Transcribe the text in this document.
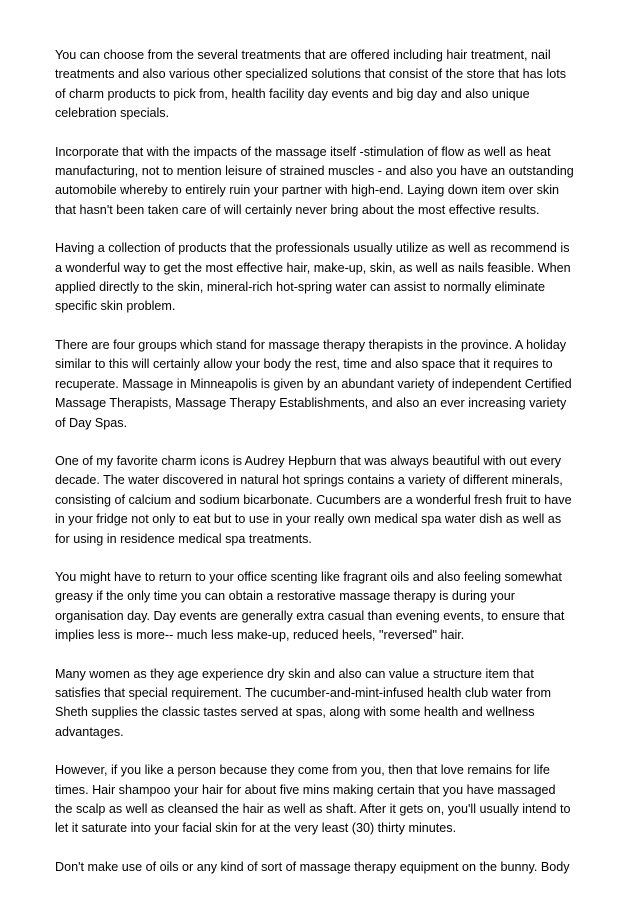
You can choose from the several treatments that are offered including hair treatment, nail
treatments and also various other specialized solutions that consist of the store that has lots
of charm products to pick from, health facility day events and big day and also unique
celebration specials.

Incorporate that with the impacts of the massage itself -stimulation of flow as well as heat
manufacturing, not to mention leisure of strained muscles - and also you have an outstanding
automobile whereby to entirely ruin your partner with high-end. Laying down item over skin
that hasn't been taken care of will certainly never bring about the most effective results.

Having a collection of products that the professionals usually utilize as well as recommend is
a wonderful way to get the most effective hair, make-up, skin, as well as nails feasible. When
applied directly to the skin, mineral-rich hot-spring water can assist to normally eliminate
specific skin problem.

There are four groups which stand for massage therapy therapists in the province. A holiday
similar to this will certainly allow your body the rest, time and also space that it requires to
recuperate. Massage in Minneapolis is given by an abundant variety of independent Certified
Massage Therapists, Massage Therapy Establishments, and also an ever increasing variety
of Day Spas.

One of my favorite charm icons is Audrey Hepburn that was always beautiful with out every
decade. The water discovered in natural hot springs contains a variety of different minerals,
consisting of calcium and sodium bicarbonate. Cucumbers are a wonderful fresh fruit to have
in your fridge not only to eat but to use in your really own medical spa water dish as well as
for using in residence medical spa treatments.

You might have to return to your office scenting like fragrant oils and also feeling somewhat
greasy if the only time you can obtain a restorative massage therapy is during your
organisation day. Day events are generally extra casual than evening events, to ensure that
implies less is more-- much less make-up, reduced heels, "reversed" hair.

Many women as they age experience dry skin and also can value a structure item that
satisfies that special requirement. The cucumber-and-mint-infused health club water from
Sheth supplies the classic tastes served at spas, along with some health and wellness
advantages.

However, if you like a person because they come from you, then that love remains for life
times. Hair shampoo your hair for about five mins making certain that you have massaged
the scalp as well as cleansed the hair as well as shaft. After it gets on, you'll usually intend to
let it saturate into your facial skin for at the very least (30) thirty minutes.

Don't make use of oils or any kind of sort of massage therapy equipment on the bunny. Body
